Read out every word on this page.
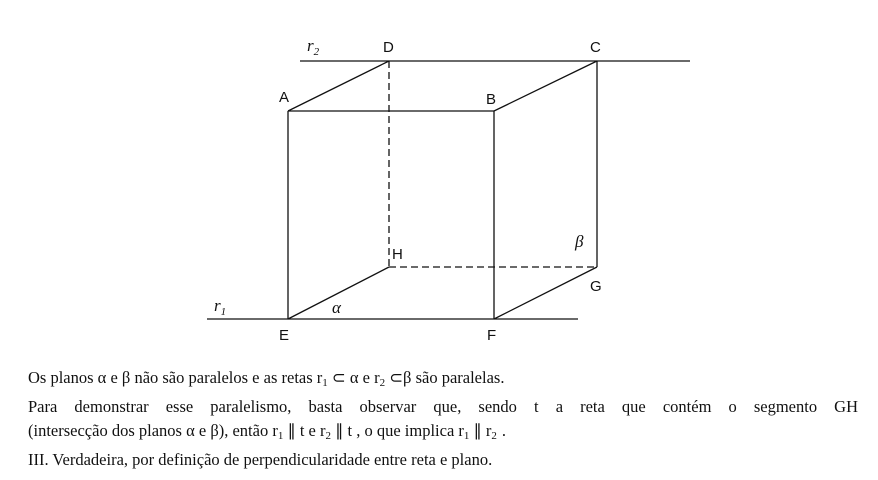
A	B
C
D
E	F
G
H
$r_2$
$r_1$	α
β

Os planos α e β não são paralelos e as retas r1 ⊂ α e r2 ⊂β são paralelas.

Para demonstrar esse paralelismo, basta observar que, sendo t a reta que contém o segmento GH

(intersecção dos planos α e β), então r1 ∥ t e r2 ∥ t , o que implica r1 ∥ r2 .

III. Verdadeira, por definição de perpendicularidade entre reta e plano.
